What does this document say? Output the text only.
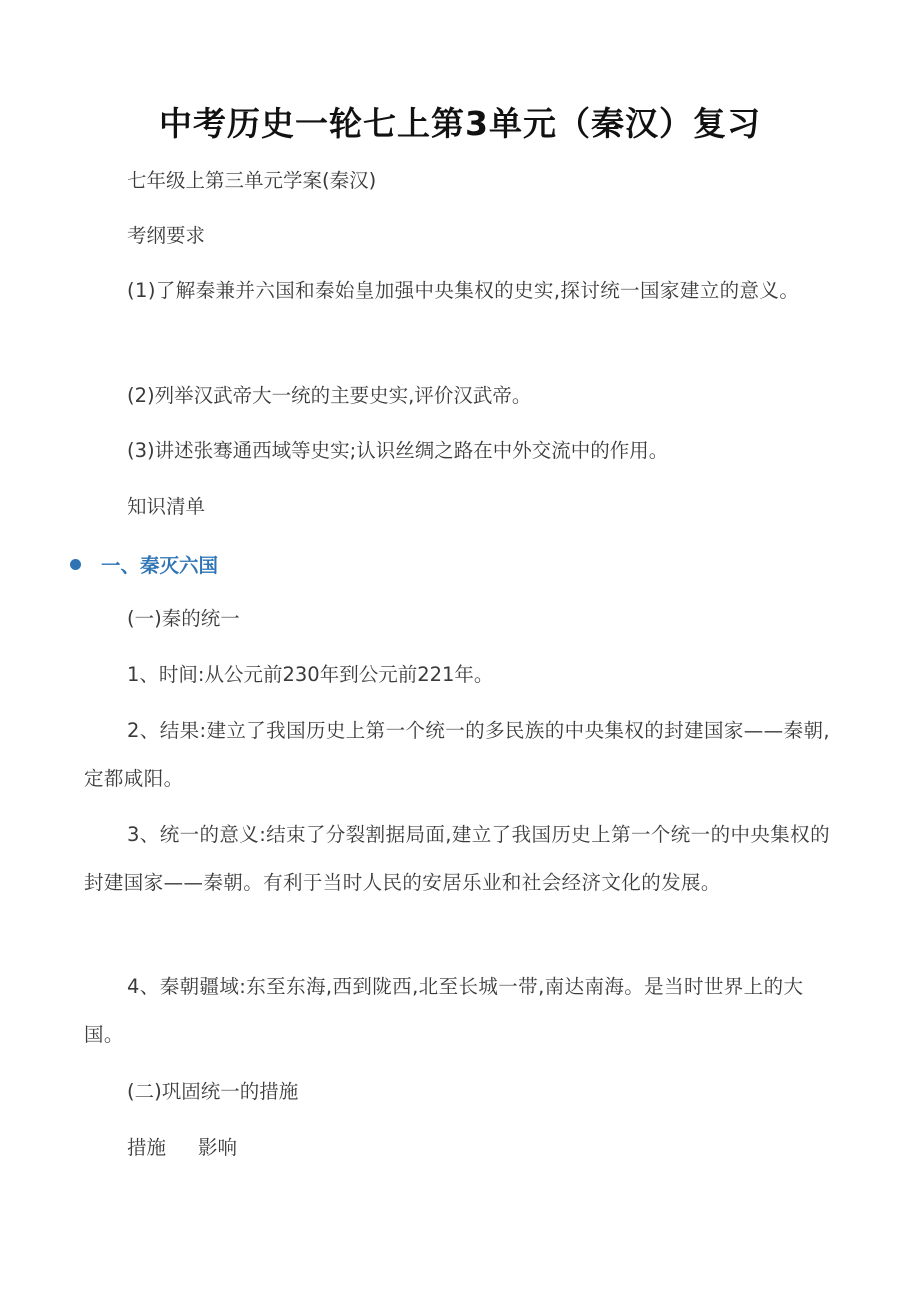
中考历史一轮七上第3单元（秦汉）复习

七年级上第三单元学案(秦汉)

考纲要求

(1)了解秦兼并六国和秦始皇加强中央集权的史实,探讨统一国家建立的意义。

(2)列举汉武帝大一统的主要史实,评价汉武帝。

(3)讲述张骞通西域等史实;认识丝绸之路在中外交流中的作用。

知识清单

一、秦灭六国

(一)秦的统一

1、时间:从公元前230年到公元前221年。

2、结果:建立了我国历史上第一个统一的多民族的中央集权的封建国家——秦朝,定都咸阳。

3、统一的意义:结束了分裂割据局面,建立了我国历史上第一个统一的中央集权的封建国家——秦朝。有利于当时人民的安居乐业和社会经济文化的发展。

4、秦朝疆域:东至东海,西到陇西,北至长城一带,南达南海。是当时世界上的大国。

(二)巩固统一的措施

措施 影响
